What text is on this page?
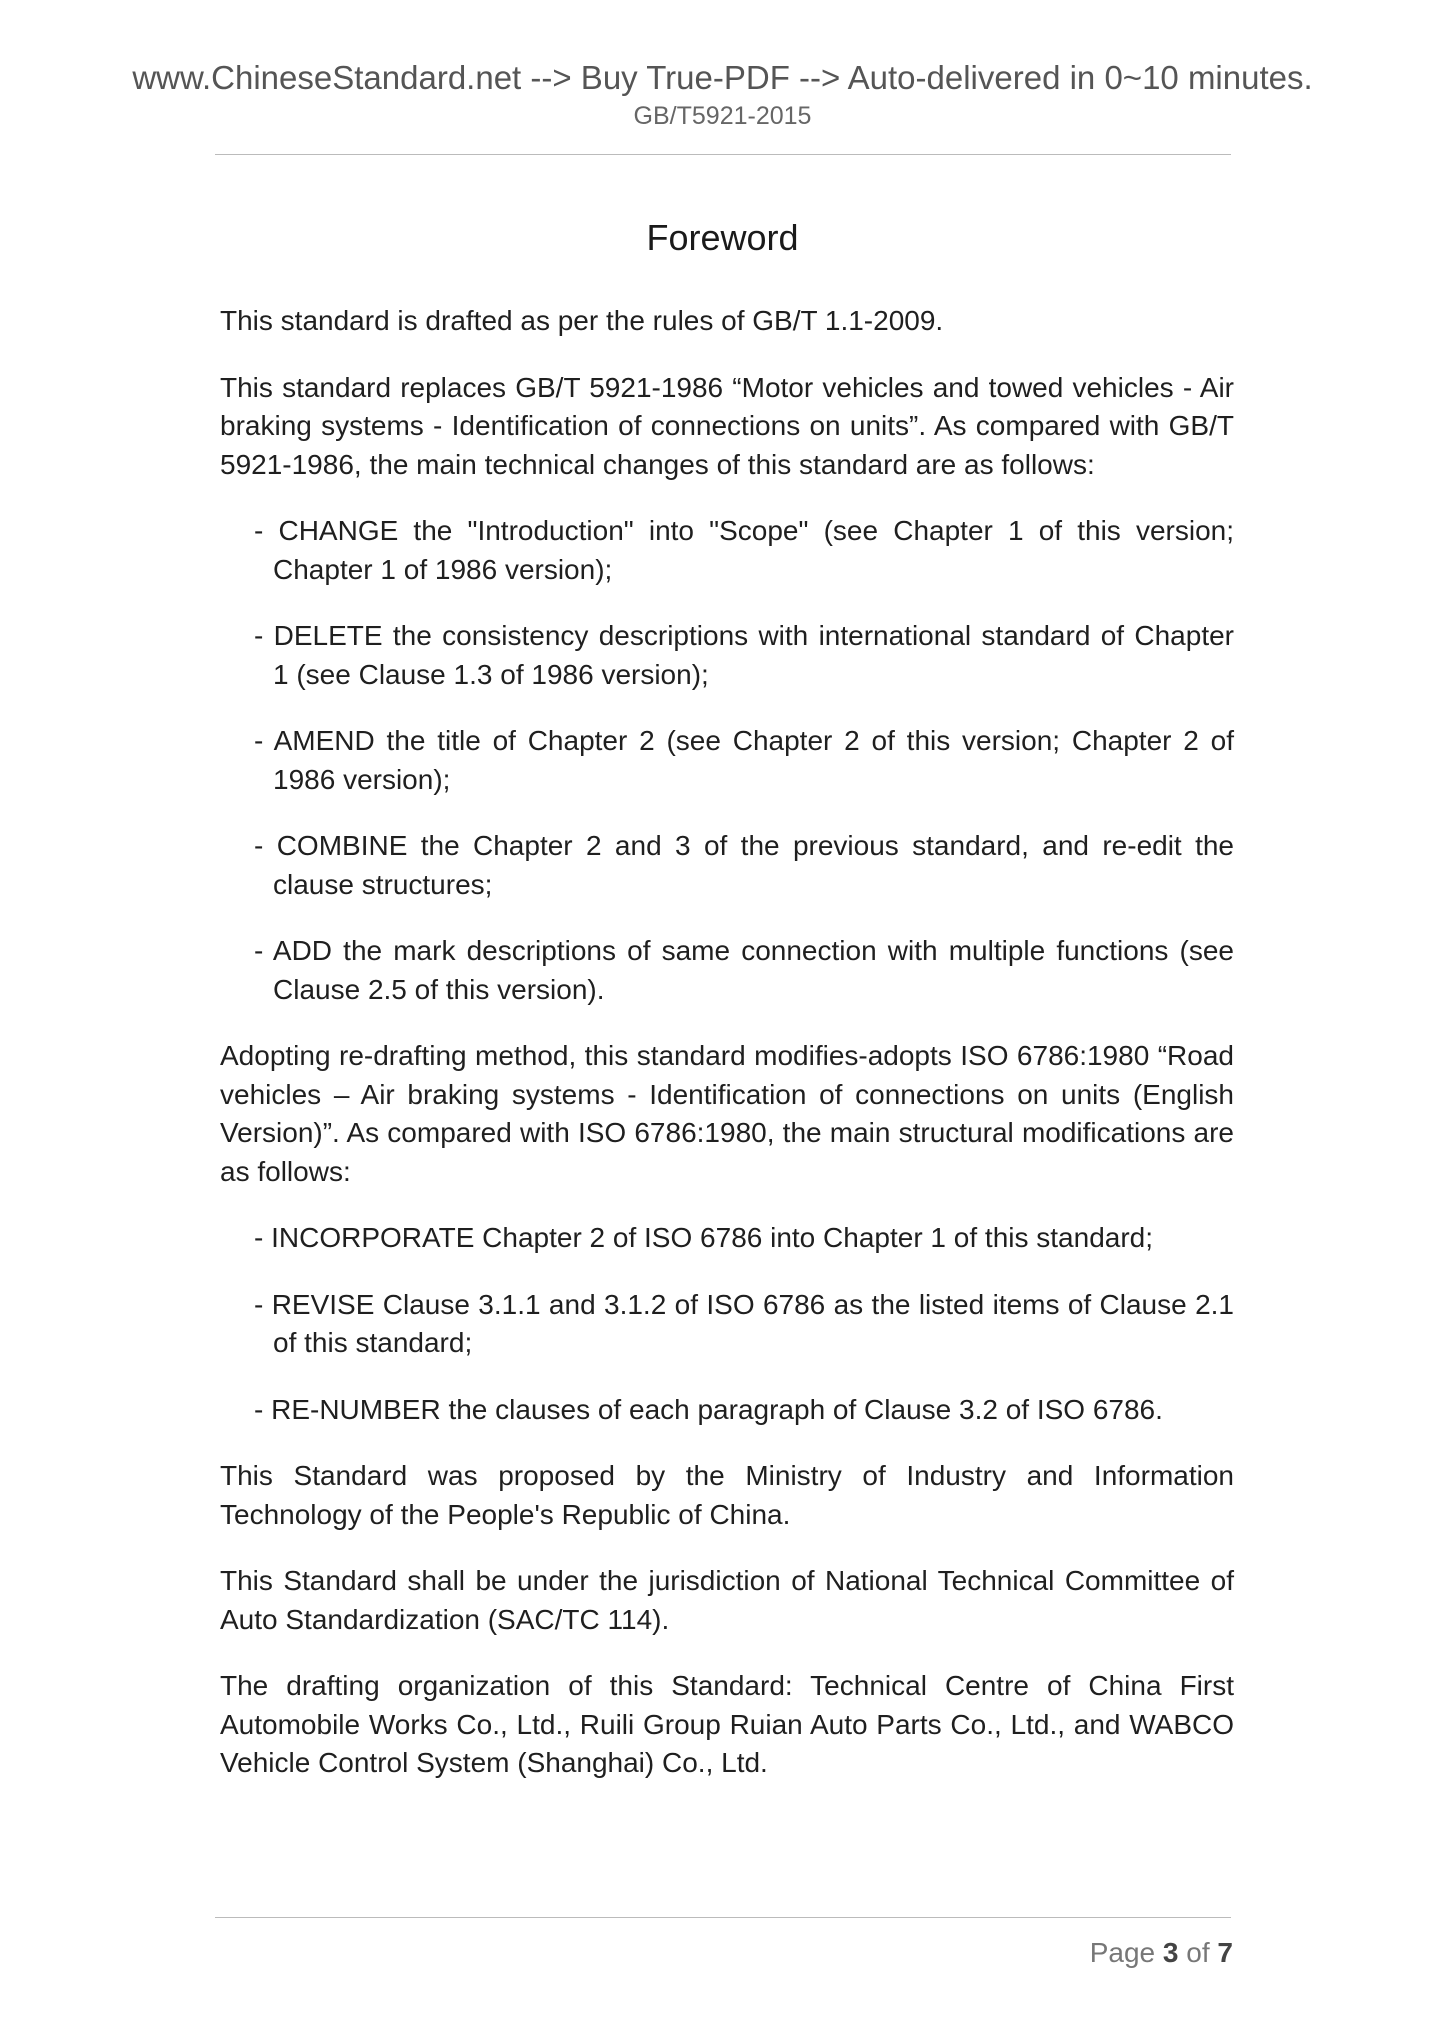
www.ChineseStandard.net --> Buy True-PDF --> Auto-delivered in 0~10 minutes.
GB/T5921-2015
Foreword

This standard is drafted as per the rules of GB/T 1.1-2009.

This standard replaces GB/T 5921-1986 “Motor vehicles and towed vehicles - Air braking systems - Identification of connections on units”. As compared with GB/T 5921-1986, the main technical changes of this standard are as follows:

- CHANGE the "Introduction" into "Scope" (see Chapter 1 of this version; Chapter 1 of 1986 version);

- DELETE the consistency descriptions with international standard of Chapter 1 (see Clause 1.3 of 1986 version);

- AMEND the title of Chapter 2 (see Chapter 2 of this version; Chapter 2 of 1986 version);

- COMBINE the Chapter 2 and 3 of the previous standard, and re-edit the clause structures;

- ADD the mark descriptions of same connection with multiple functions (see Clause 2.5 of this version).

Adopting re-drafting method, this standard modifies-adopts ISO 6786:1980 “Road vehicles – Air braking systems - Identification of connections on units (English Version)”. As compared with ISO 6786:1980, the main structural modifications are as follows:

- INCORPORATE Chapter 2 of ISO 6786 into Chapter 1 of this standard;

- REVISE Clause 3.1.1 and 3.1.2 of ISO 6786 as the listed items of Clause 2.1 of this standard;

- RE-NUMBER the clauses of each paragraph of Clause 3.2 of ISO 6786.

This Standard was proposed by the Ministry of Industry and Information Technology of the People's Republic of China.

This Standard shall be under the jurisdiction of National Technical Committee of Auto Standardization (SAC/TC 114).

The drafting organization of this Standard: Technical Centre of China First Automobile Works Co., Ltd., Ruili Group Ruian Auto Parts Co., Ltd., and WABCO Vehicle Control System (Shanghai) Co., Ltd.

Page 3 of 7
